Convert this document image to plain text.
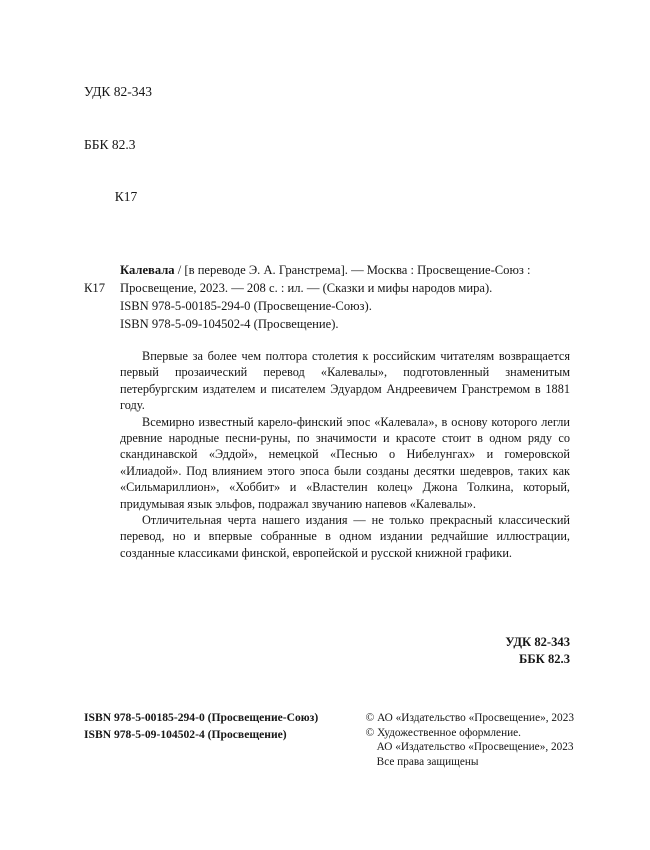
УДК 82-343

ББК 82.3

К17

К17
Калевала / [в переводе Э. А. Гранстрема]. — Москва : Просвещение-Союз :
Просвещение, 2023. — 208 с. : ил. — (Сказки и мифы народов мира).
ISBN 978-5-00185-294-0 (Просвещение-Союз).
ISBN 978-5-09-104502-4 (Просвещение).

Впервые за более чем полтора столетия к российским читателям возвращается первый прозаический перевод «Калевалы», подготовленный знаменитым петербургским издателем и писателем Эдуардом Андреевичем Гранстремом в 1881 году.

Всемирно известный карело-финский эпос «Калевала», в основу которого легли древние народные песни-руны, по значимости и красоте стоит в одном ряду со скандинавской «Эддой», немецкой «Песнью о Нибелунгах» и гомеровской «Илиадой». Под влиянием этого эпоса были созданы десятки шедевров, таких как «Сильмариллион», «Хоббит» и «Властелин колец» Джона Толкина, который, придумывая язык эльфов, подражал звучанию напевов «Калевалы».

Отличительная черта нашего издания — не только прекрасный классический перевод, но и впервые собранные в одном издании редчайшие иллюстрации, созданные классиками финской, европейской и русской книжной графики.

УДК 82-343
ББК 82.3
ISBN 978-5-00185-294-0 (Просвещение-Союз)
ISBN 978-5-09-104502-4 (Просвещение)
© АО «Издательство «Просвещение», 2023
© Художественное оформление.
АО «Издательство «Просвещение», 2023
Все права защищены
